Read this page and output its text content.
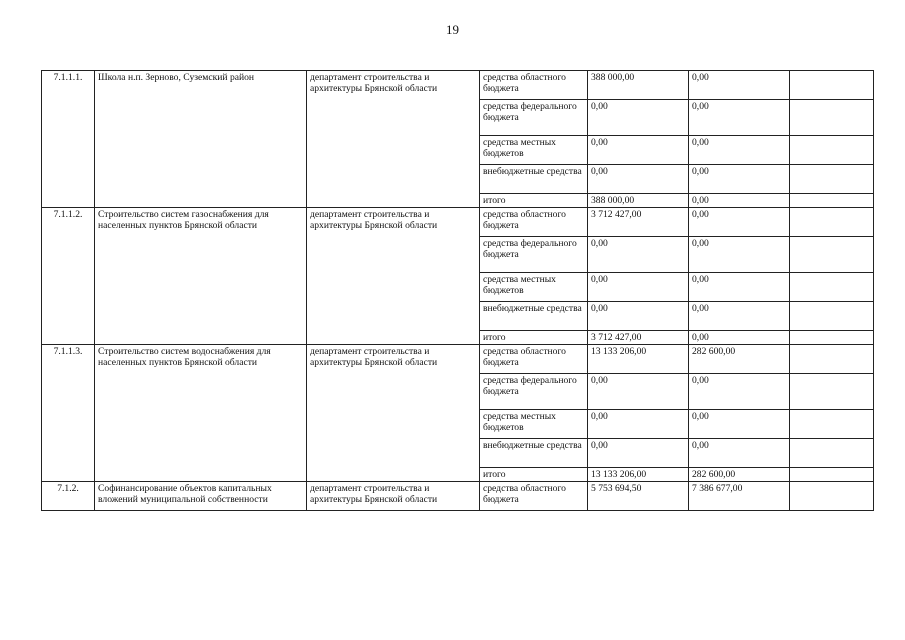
19
7.1.1.1.	Школа н.п. Зерново, Суземский район	департамент строительства и архитектуры Брянской области	средства областного бюджета	388 000,00	0,00	
			средства федерального бюджета	0,00	0,00	
			средства местных бюджетов	0,00	0,00	
			внебюджетные средства	0,00	0,00	
			итого	388 000,00	0,00	
7.1.1.2.	Строительство систем газоснабжения для населенных пунктов Брянской области	департамент строительства и архитектуры Брянской области	средства областного бюджета	3 712 427,00	0,00	
			средства федерального бюджета	0,00	0,00	
			средства местных бюджетов	0,00	0,00	
			внебюджетные средства	0,00	0,00	
			итого	3 712 427,00	0,00	
7.1.1.3.	Строительство систем водоснабжения для населенных пунктов Брянской области	департамент строительства и архитектуры Брянской области	средства областного бюджета	13 133 206,00	282 600,00	
			средства федерального бюджета	0,00	0,00	
			средства местных бюджетов	0,00	0,00	
			внебюджетные средства	0,00	0,00	
			итого	13 133 206,00	282 600,00	
7.1.2.	Софинансирование объектов капитальных вложений муниципальной собственности	департамент строительства и архитектуры Брянской области	средства областного бюджета	5 753 694,50	7 386 677,00	
